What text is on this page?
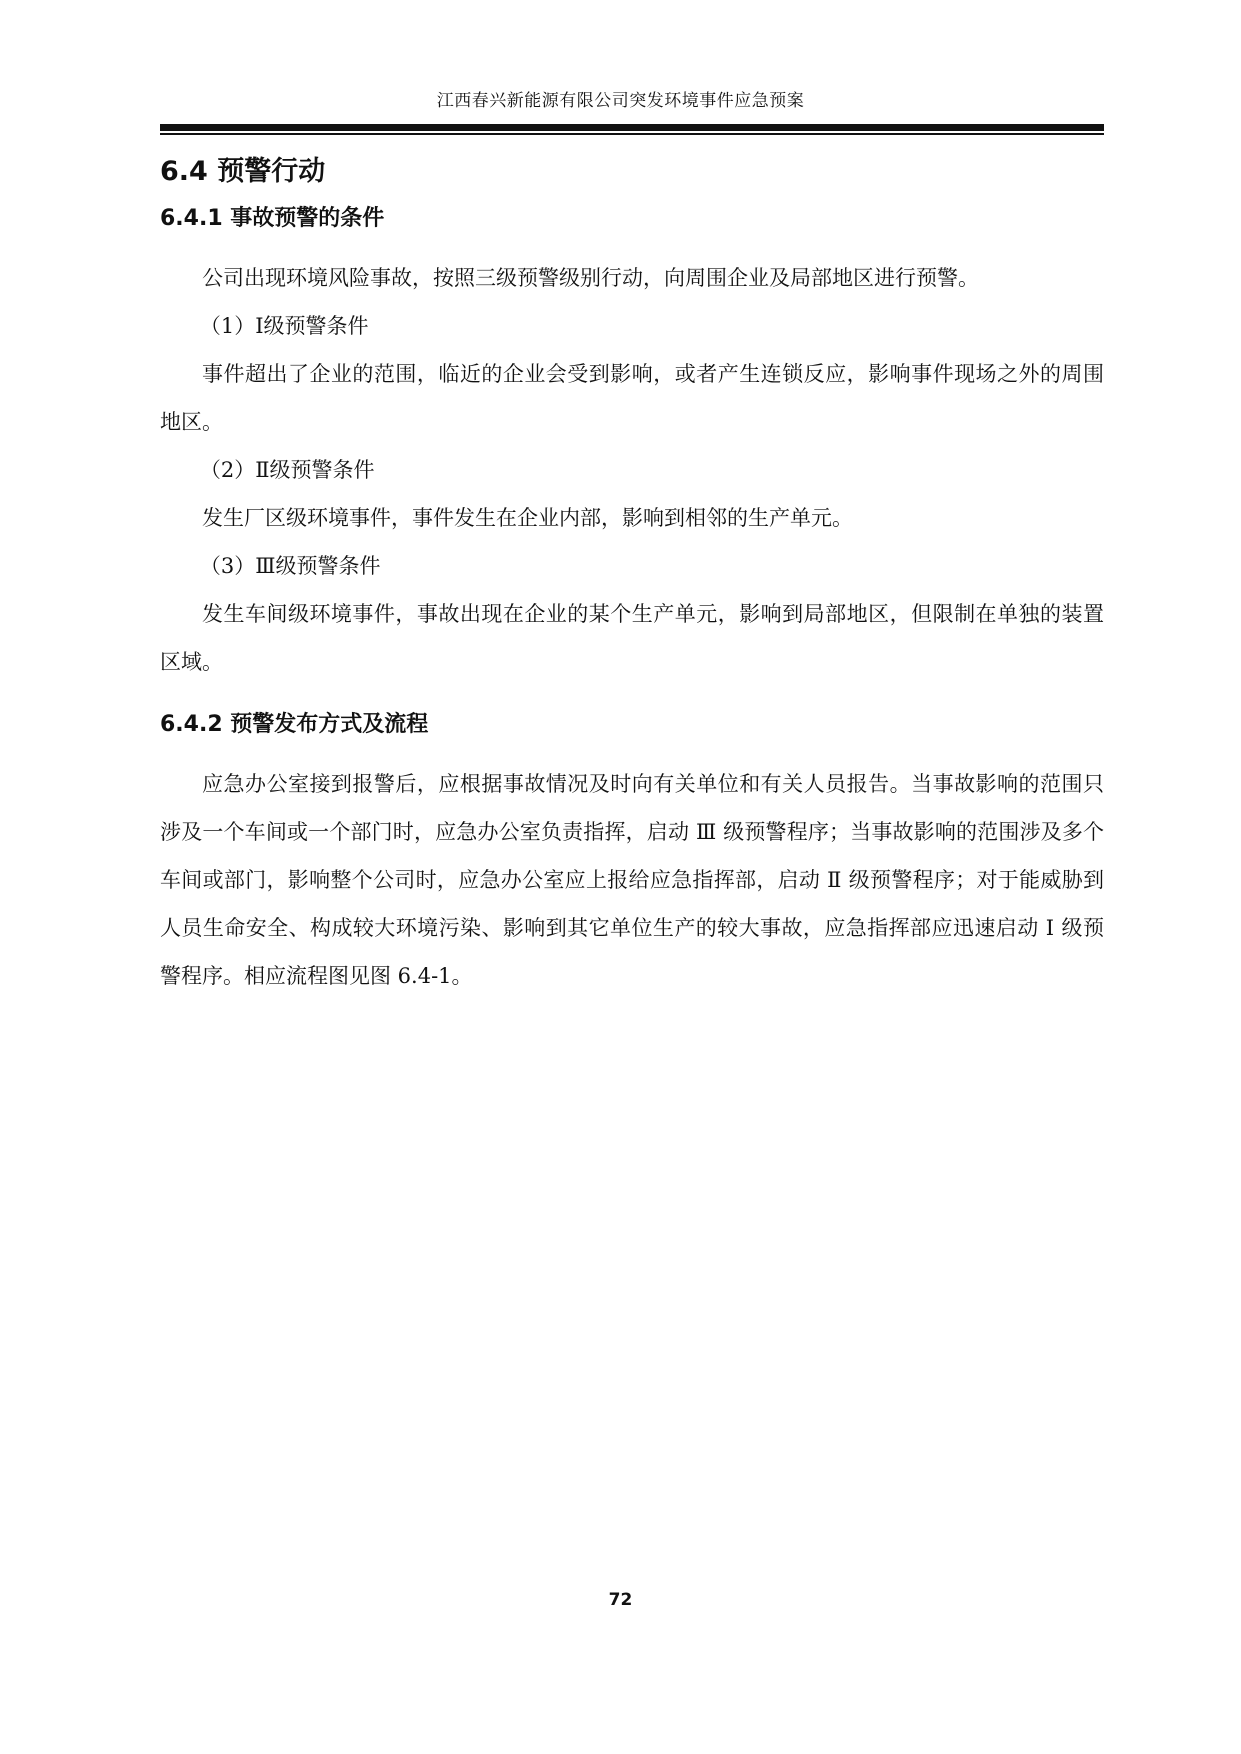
江西春兴新能源有限公司突发环境事件应急预案
6.4 预警行动
6.4.1 事故预警的条件

公司出现环境风险事故，按照三级预警级别行动，向周围企业及局部地区进行预警。

（1）Ⅰ级预警条件

事件超出了企业的范围，临近的企业会受到影响，或者产生连锁反应，影响事件现场之外的周围地区。

（2）Ⅱ级预警条件

发生厂区级环境事件，事件发生在企业内部，影响到相邻的生产单元。

（3）Ⅲ级预警条件

发生车间级环境事件，事故出现在企业的某个生产单元，影响到局部地区，但限制在单独的装置区域。

6.4.2 预警发布方式及流程

应急办公室接到报警后，应根据事故情况及时向有关单位和有关人员报告。当事故影响的范围只涉及一个车间或一个部门时，应急办公室负责指挥，启动 Ⅲ 级预警程序；当事故影响的范围涉及多个车间或部门，影响整个公司时，应急办公室应上报给应急指挥部，启动 Ⅱ 级预警程序；对于能威胁到人员生命安全、构成较大环境污染、影响到其它单位生产的较大事故，应急指挥部应迅速启动 Ⅰ 级预警程序。相应流程图见图 6.4-1。

72
